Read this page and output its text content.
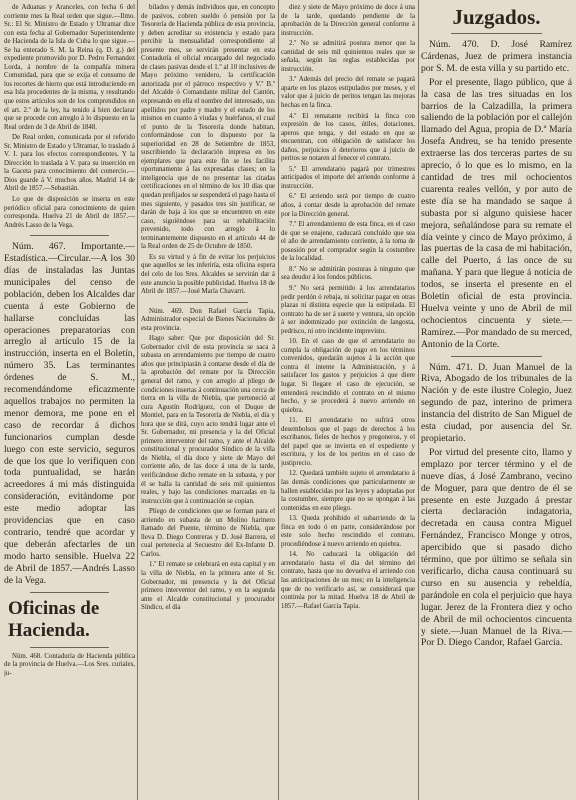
de Aduanas y Aranceles, con fecha 6 del corriente mes la Real orden que sigue.—Ilmo. Sr.: El Sr. Ministro de Estado y Ultramar dice con esta fecha al Gobernador Superintendente de Hacienda de la Isla de Cuba lo que sigue.—Se ha enterado S. M. la Reina (q. D. g.) del expediente promovido por D. Pedro Fernandez Lorda, á nombre de la compañía minera Comunidad, para que se exija el consumo de los recortes de hierro que está introduciendo en esa Isla procedentes de la misma, y resultando que estos artículos son de los comprendidos en el art. 2.º de la ley, ha tenido á bien declarar que se procede con arreglo á lo dispuesto en la Real orden de 3 de Abril de 1848.

De Real orden, comunicada por el referido Sr. Ministro de Estado y Ultramar, lo traslado á V. I. para los efectos correspondientes. Y la Dirección lo traslada á V. para su inserción en la Gaceta para conocimiento del comercio.—Dios guarde á V. muchos años. Madrid 14 de Abril de 1857.—Sebastián.

Lo que de disposición se inserta en este periódico oficial para conocimiento de quien corresponda. Huelva 21 de Abril de 1857.—Andrés Lasso de la Vega.

Núm. 467. Importante.—Estadística.—Circular.—A los 30 días de instaladas las Juntas municipales del censo de población, deben los Alcaldes dar cuenta á este Gobierno de hallarse concluidas las operaciones preparatorias con arreglo al artículo 15 de la instrucción, inserta en el Boletín, número 35. Las terminantes órdenes de S. M., recomendándome eficazmente aquellos trabajos no permiten la menor demora, me pone en el caso de recordar á dichos funcionarios cumplan desde luego con este servicio, seguros de que los que lo verifiquen con toda puntualidad, se harán acreedores á mi más distinguida consideración, evitándome por este medio adoptar las providencias que en caso contrario, tendré que acordar y que deberán afectarles de un modo harto sensible. Huelva 22 de Abril de 1857.—Andrés Lasso de la Vega.

Oficinas de Hacienda.

Núm. 468. Contaduría de Hacienda pública de la provincia de Huelva.—Los Sres. curiales, ju-

bilados y demás individuos que, en concepto de pasivos, cobren sueldo ó pensión por la Tesorería de Hacienda pública de esta provincia, y deben acreditar su existencia y estado para percibir la mensualidad correspondiente al presente mes, se servirán presentar en esta Contaduría el oficial encargado del negociado de clases pasivas desde el 1.º al 10 inclusives de Mayo próximo venidero, la certificación autorizada por el párroco respectivo y V.º B.º del Alcalde ó Comandante militar del Cantón, expresando en ella el nombre del interesado, sus apellidos por padre y madre y el estado de los mismos en cuanto á viudas y huérfanos, el cual el punto de la Tesorería donde habitan, conformándose con lo dispuesto por la superioridad en 28 de Setiembre de 1853, suscribiendo la declaración impresa en los ejemplares que para este fin se les facilita oportunamente á las expresadas clases; en la inteligencia que de no presentar las citadas certificaciones en el término de los 10 días que quedan prefijados se suspenderá el pago hasta el mes siguiente, y pasados tres sin justificar, se darán de baja á los que se encuentren en este caso, siguiéndose para su rehabilitación prevenido, todo con arreglo á lo terminantemente dispuesto en el artículo 44 de la Real orden de 25 de Octubre de 1850.

Es su virtud y á fin de evitar los perjuicios que aquellos se les inferiría, esta oficina espera del celo de los Sres. Alcaldes se servirán dar á este anuncio la posible publicidad. Huelva 18 de Abril de 1857.—José María Chavarri.

Núm. 469. Don Rafael García Tapia, Administrador especial de Bienes Nacionales de esta provincia.

Hago saber: Que por disposición del Sr. Gobernador civil de esta provincia se saca á subasta en arrendamiento por tiempo de cuatro años que principiarán á contarse desde el día de la aprobación del remate por la Dirección general del ramo, y con arreglo al pliego de condiciones insertas á continuación una cerca de tierra en la villa de Niebla, que perteneció al cura Agustín Rodríguez, con el Duque de Montiel, para en la Tesorería de Niebla, el día y hora que se dirá, cuyo acto tendrá lugar ante el Sr. Gobernador, mi presencia y la del Oficial primero interventor del ramo, y ante el Alcalde constitucional y procurador Síndico de la villa de Niebla, el día doce y siete de Mayo del corriente año, de las doce á una de la tarde, verificándose dicho remate en la subasta, y por él se halla la cantidad de seis mil quinientos reales, y bajo las condiciones marcadas en la instrucción que á continuación se copian.

Pliego de condiciones que se forman para el arriendo en subasta de un Molino harinero llamado del Puente, término de Niebla, que lleva D. Diego Contreras y D. José Barrera, el cual pertenecía al Secuestro del Ex-Infante D. Carlos.

1.º El remate se celebrará en esta capital y en la villa de Niebla, en la primera ante el Sr. Gobernador, mi presencia y la del Oficial primero interventor del ramo, y en la segunda ante el Alcalde constitucional y procurador Síndico, el día

diez y siete de Mayo próximo de doce á una de la tarde, quedando pendiente de la aprobación de la Dirección general conforme á instrucción.

2.º No se admitirá postura menor que la cantidad de seis mil quinientos reales que se señala, según las reglas establecidas por instrucción.

3.º Además del precio del remate se pagará aparte en los plazos estipulados por meses, y el valor que á juicio de peritos tengan las mejoras hechas en la finca.

4.º El rematante recibirá la finca con expresión de los casos, útiles, dotaciones, aperos que tenga, y del estado en que se encuentran, con obligación de satisfacer los daños, perjuicios ó deterioros que á juicio de peritos se notaren al fenecer el contrato.

5.º El arrendatario pagará por trimestres anticipados el importe del arriendo conforme á instrucción.

6.º El arriendo será por tiempo de cuatro años, á contar desde la aprobación del remate por la Dirección general.

7.º El arrendamiento de esta finca, en el caso de que se enajene, caducará concluido que sea el año de arrendamiento corriente, á la toma de posesión por el comprador según la costumbre de la localidad.

8.º No se admitirán posturas á ninguno que sea deudor á los fondos públicos.

9.º No será permitido á los arrendatarios pedir perdón ó rebaja, ni solicitar pagar en otras plazas ni distinta especie que la estipulada. El contrato ha de ser á suerte y ventura, sin opción á ser indemnizado por extinción de langosta, pedrisco, ni otro incidente imprevisto.

10. En el caso de que el arrendatario no cumpla la obligación de pago en los términos convenidos, quedarán sujetos á la acción que contra él intente la Administración, y á satisfacer los gastos y perjuicios á que diere lugar. Si llegare el caso de ejecución, se entenderá rescindido el contrato en el mismo hecho, y se procederá á nuevo arriendo en quiebra.

11. El arrendatario no sufrirá otros desembolsos que el pago de derechos á los escribanos, fieles de hechos y pregoneros, y el del papel que se invierta en el expediente y escritura, y los de los peritos en el caso de justiprecio.

12. Quedará también sujeto el arrendatario á las demás condiciones que particularmente se hallen establecidas por las leyes y adoptadas por la costumbre, siempre que no se opongan á las contenidas en este pliego.

13. Queda prohibido el subarriendo de la finca en todo ó en parte, considerándose por este solo hecho rescindido el contrato, procediéndose á nuevo arriendo en quiebra.

14. No caducará la obligación del arrendatario hasta el día del término del contrato, hasta que no devuelva el arriendo con las anticipaciones de un mes; en la inteligencia que de no verificarlo así, se considerará que continúa por la mitad. Huelva 18 de Abril de 1857.—Rafael García Tapia.

Juzgados.

Núm. 470. D. José Ramírez Cárdenas, Juez de primera instancia por S. M. de esta villa y su partido etc.

Por el presente, llago público, que á la casa de las tres situadas en los barrios de la Calzadilla, la primera saliendo de la población por el callejón llamado del Agua, propia de D.ª María Josefa Andreu, se ha tenido presente extraerse las dos terceras partes de su aprecio, ó lo que es lo mismo, en la cantidad de tres mil ochocientos cuarenta reales vellón, y por auto de este día se ha mandado se saque á subasta por si alguno quisiese hacer mejora, señalándose para su remate el día veinte y cinco de Mayo próximo, á las puertas de la casa de mi habitación, calle del Puerto, á las once de su mañana. Y para que llegue á noticia de todos, se inserta el presente en el Boletín oficial de esta provincia. Huelva veinte y uno de Abril de mil ochocientos cincuenta y siete.—Ramírez.—Por mandado de su merced, Antonio de la Corte.

Núm. 471. D. Juan Manuel de la Riva, Abogado de los tribunales de la Nación y de este ilustre Colegio, Juez segundo de paz, interino de primera instancia del distrito de San Miguel de esta ciudad, por ausencia del Sr. propietario.

Por virtud del presente cito, llamo y emplazo por tercer término y el de nueve días, á José Zambrano, vecino de Moguer, para que dentro de él se presente en este Juzgado á prestar cierta declaración indagatoria, decretada en causa contra Miguel Fernández, Francisco Monge y otros, apercibido que si pasado dicho término, que por último se señala sin verificarlo, dicha causa continuará su curso en su ausencia y rebeldía, parándole en cola el perjuicio que haya lugar. Jerez de la Frontera diez y ocho de Abril de mil ochocientos cincuenta y siete.—Juan Manuel de la Riva.—Por D. Diego Candor, Rafael García.
